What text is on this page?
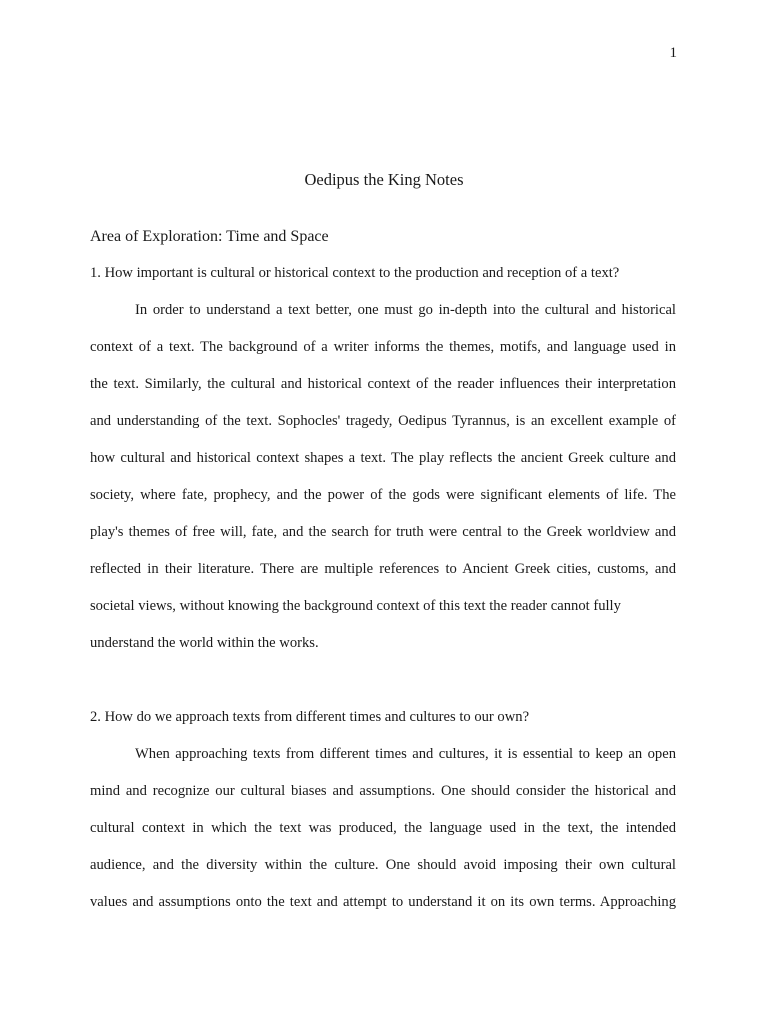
1
Oedipus the King Notes
Area of Exploration: Time and Space
1. How important is cultural or historical context to the production and reception of a text?
In order to understand a text better, one must go in-depth into the cultural and historical
context of a text. The background of a writer informs the themes, motifs, and language used in
the text. Similarly, the cultural and historical context of the reader influences their interpretation
and understanding of the text. Sophocles' tragedy, Oedipus Tyrannus, is an excellent example of
how cultural and historical context shapes a text. The play reflects the ancient Greek culture and
society, where fate, prophecy, and the power of the gods were significant elements of life. The
play's themes of free will, fate, and the search for truth were central to the Greek worldview and
reflected in their literature. There are multiple references to Ancient Greek cities, customs, and
societal views, without knowing the background context of this text the reader cannot fully
understand the world within the works.
2. How do we approach texts from different times and cultures to our own?
When approaching texts from different times and cultures, it is essential to keep an open
mind and recognize our cultural biases and assumptions. One should consider the historical and
cultural context in which the text was produced, the language used in the text, the intended
audience, and the diversity within the culture. One should avoid imposing their own cultural
values and assumptions onto the text and attempt to understand it on its own terms. Approaching
